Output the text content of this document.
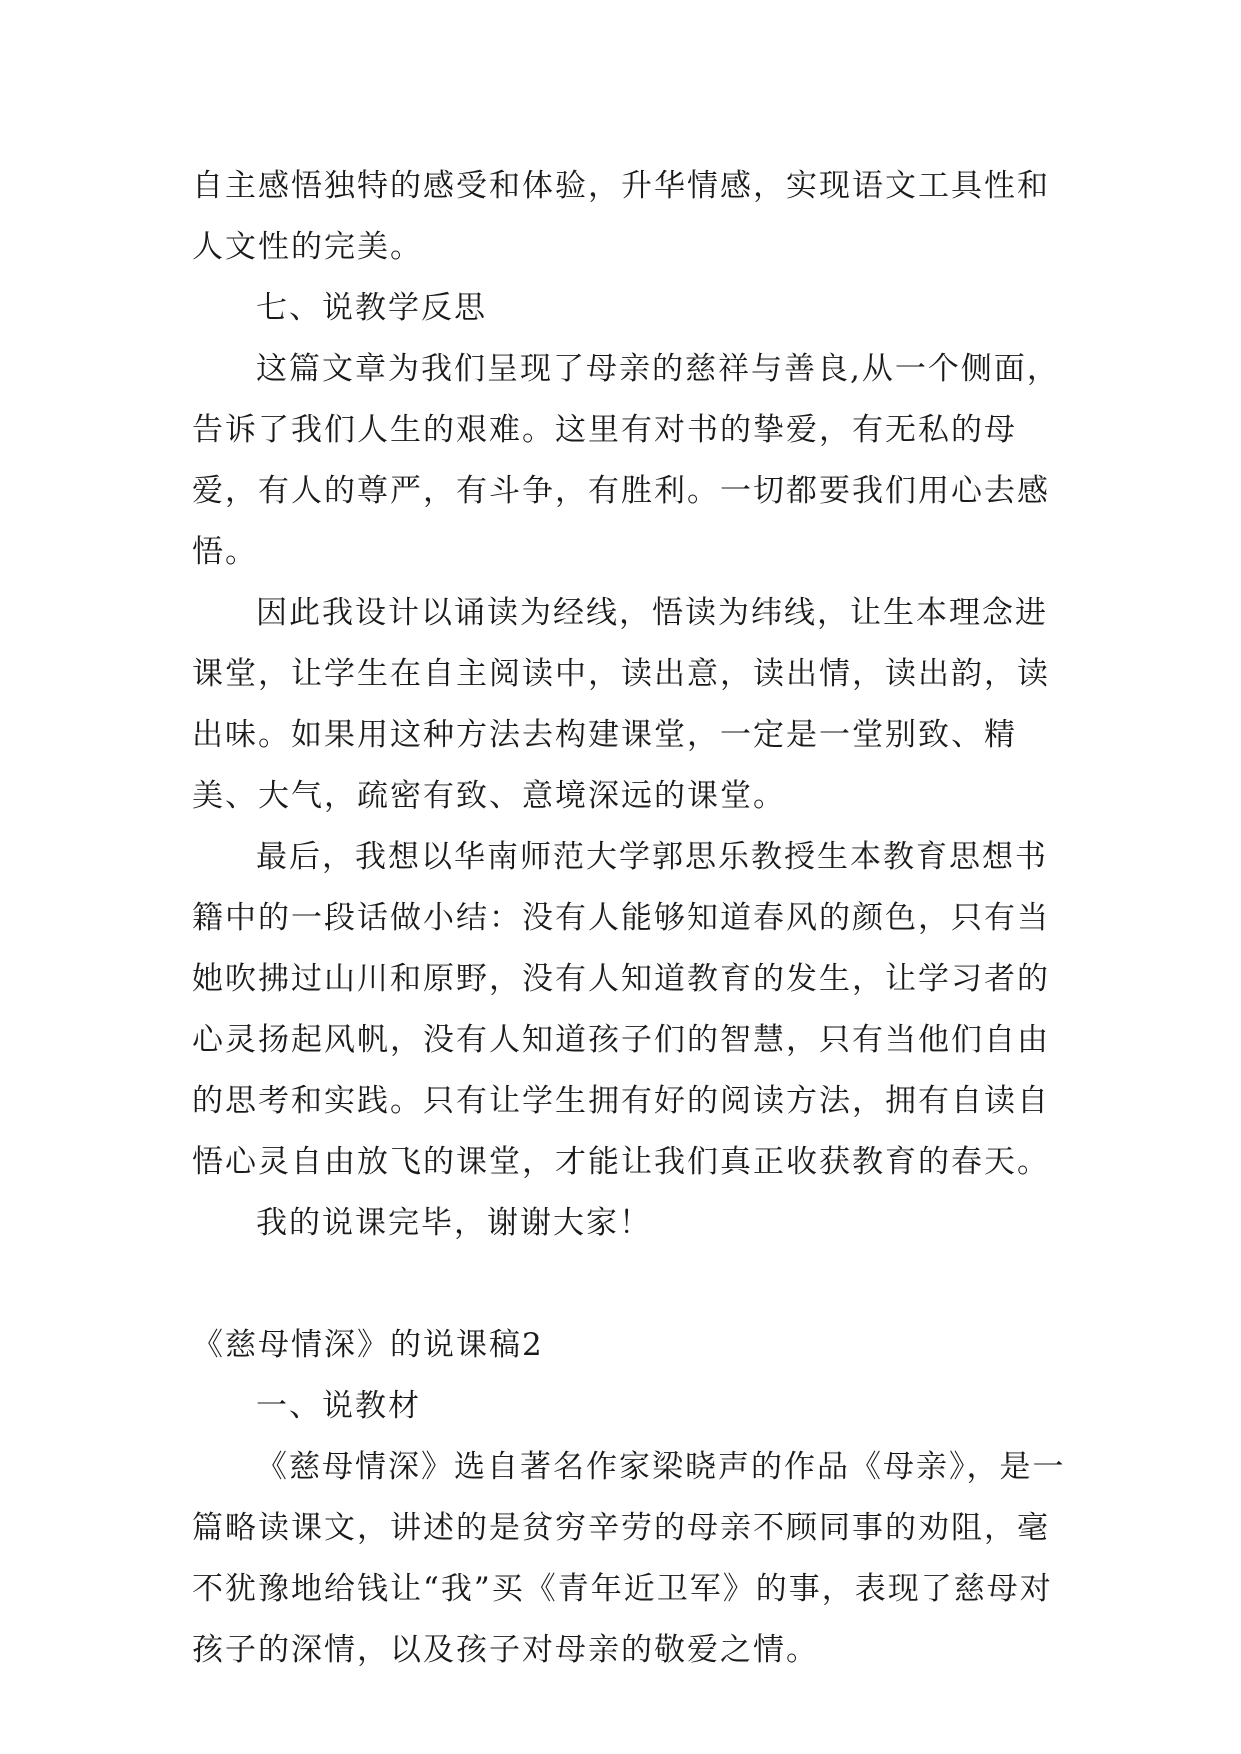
自主感悟独特的感受和体验，升华情感，实现语文工具性和人文性的完美。

七、说教学反思

这篇文章为我们呈现了母亲的慈祥与善良,从一个侧面，告诉了我们人生的艰难。这里有对书的挚爱，有无私的母爱，有人的尊严，有斗争，有胜利。一切都要我们用心去感悟。

因此我设计以诵读为经线，悟读为纬线，让生本理念进课堂，让学生在自主阅读中，读出意，读出情，读出韵，读出味。如果用这种方法去构建课堂，一定是一堂别致、精美、大气，疏密有致、意境深远的课堂。

最后，我想以华南师范大学郭思乐教授生本教育思想书籍中的一段话做小结：没有人能够知道春风的颜色，只有当她吹拂过山川和原野，没有人知道教育的发生，让学习者的心灵扬起风帆，没有人知道孩子们的智慧，只有当他们自由的思考和实践。只有让学生拥有好的阅读方法，拥有自读自悟心灵自由放飞的课堂，才能让我们真正收获教育的春天。

我的说课完毕，谢谢大家！

《慈母情深》的说课稿2

一、说教材

《慈母情深》选自著名作家梁晓声的作品《母亲》，是一篇略读课文，讲述的是贫穷辛劳的母亲不顾同事的劝阻，毫不犹豫地给钱让“我”买《青年近卫军》的事，表现了慈母对孩子的深情，以及孩子对母亲的敬爱之情。
